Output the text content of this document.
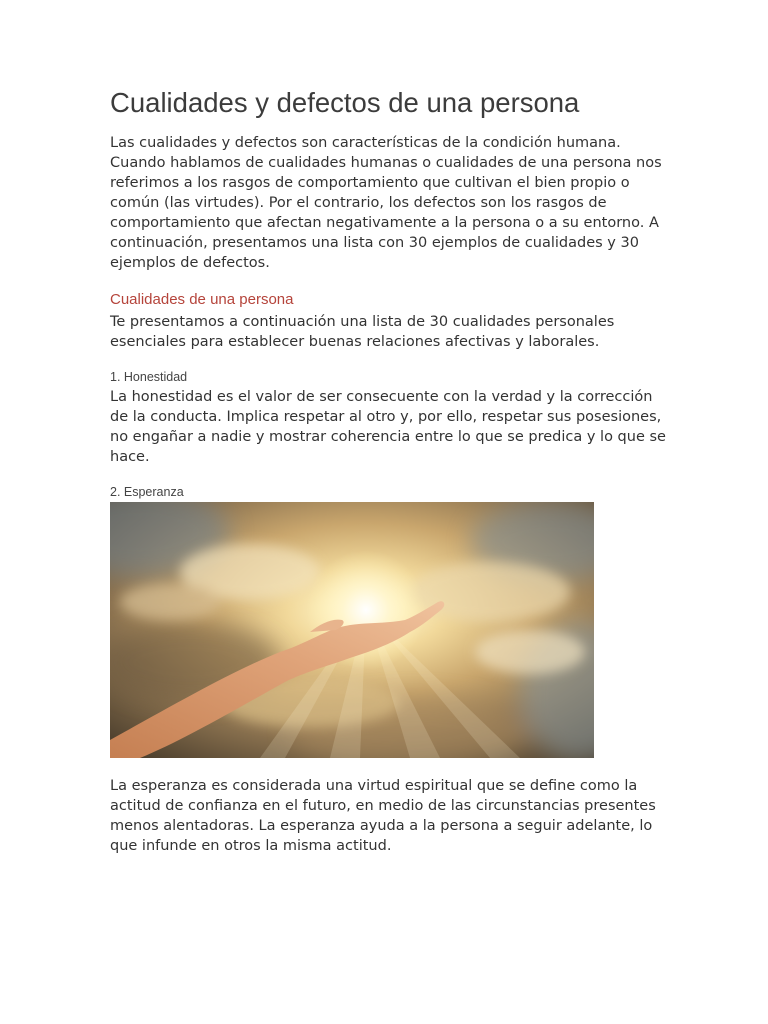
Cualidades y defectos de una persona

Las cualidades y defectos son características de la condición humana. Cuando hablamos de cualidades humanas o cualidades de una persona nos referimos a los rasgos de comportamiento que cultivan el bien propio o común (las virtudes). Por el contrario, los defectos son los rasgos de comportamiento que afectan negativamente a la persona o a su entorno. A continuación, presentamos una lista con 30 ejemplos de cualidades y 30 ejemplos de defectos.

Cualidades de una persona

Te presentamos a continuación una lista de 30 cualidades personales esenciales para establecer buenas relaciones afectivas y laborales.

1. Honestidad

La honestidad es el valor de ser consecuente con la verdad y la corrección de la conducta. Implica respetar al otro y, por ello, respetar sus posesiones, no engañar a nadie y mostrar coherencia entre lo que se predica y lo que se hace.

2. Esperanza

La esperanza es considerada una virtud espiritual que se define como la actitud de confianza en el futuro, en medio de las circunstancias presentes menos alentadoras. La esperanza ayuda a la persona a seguir adelante, lo que infunde en otros la misma actitud.
